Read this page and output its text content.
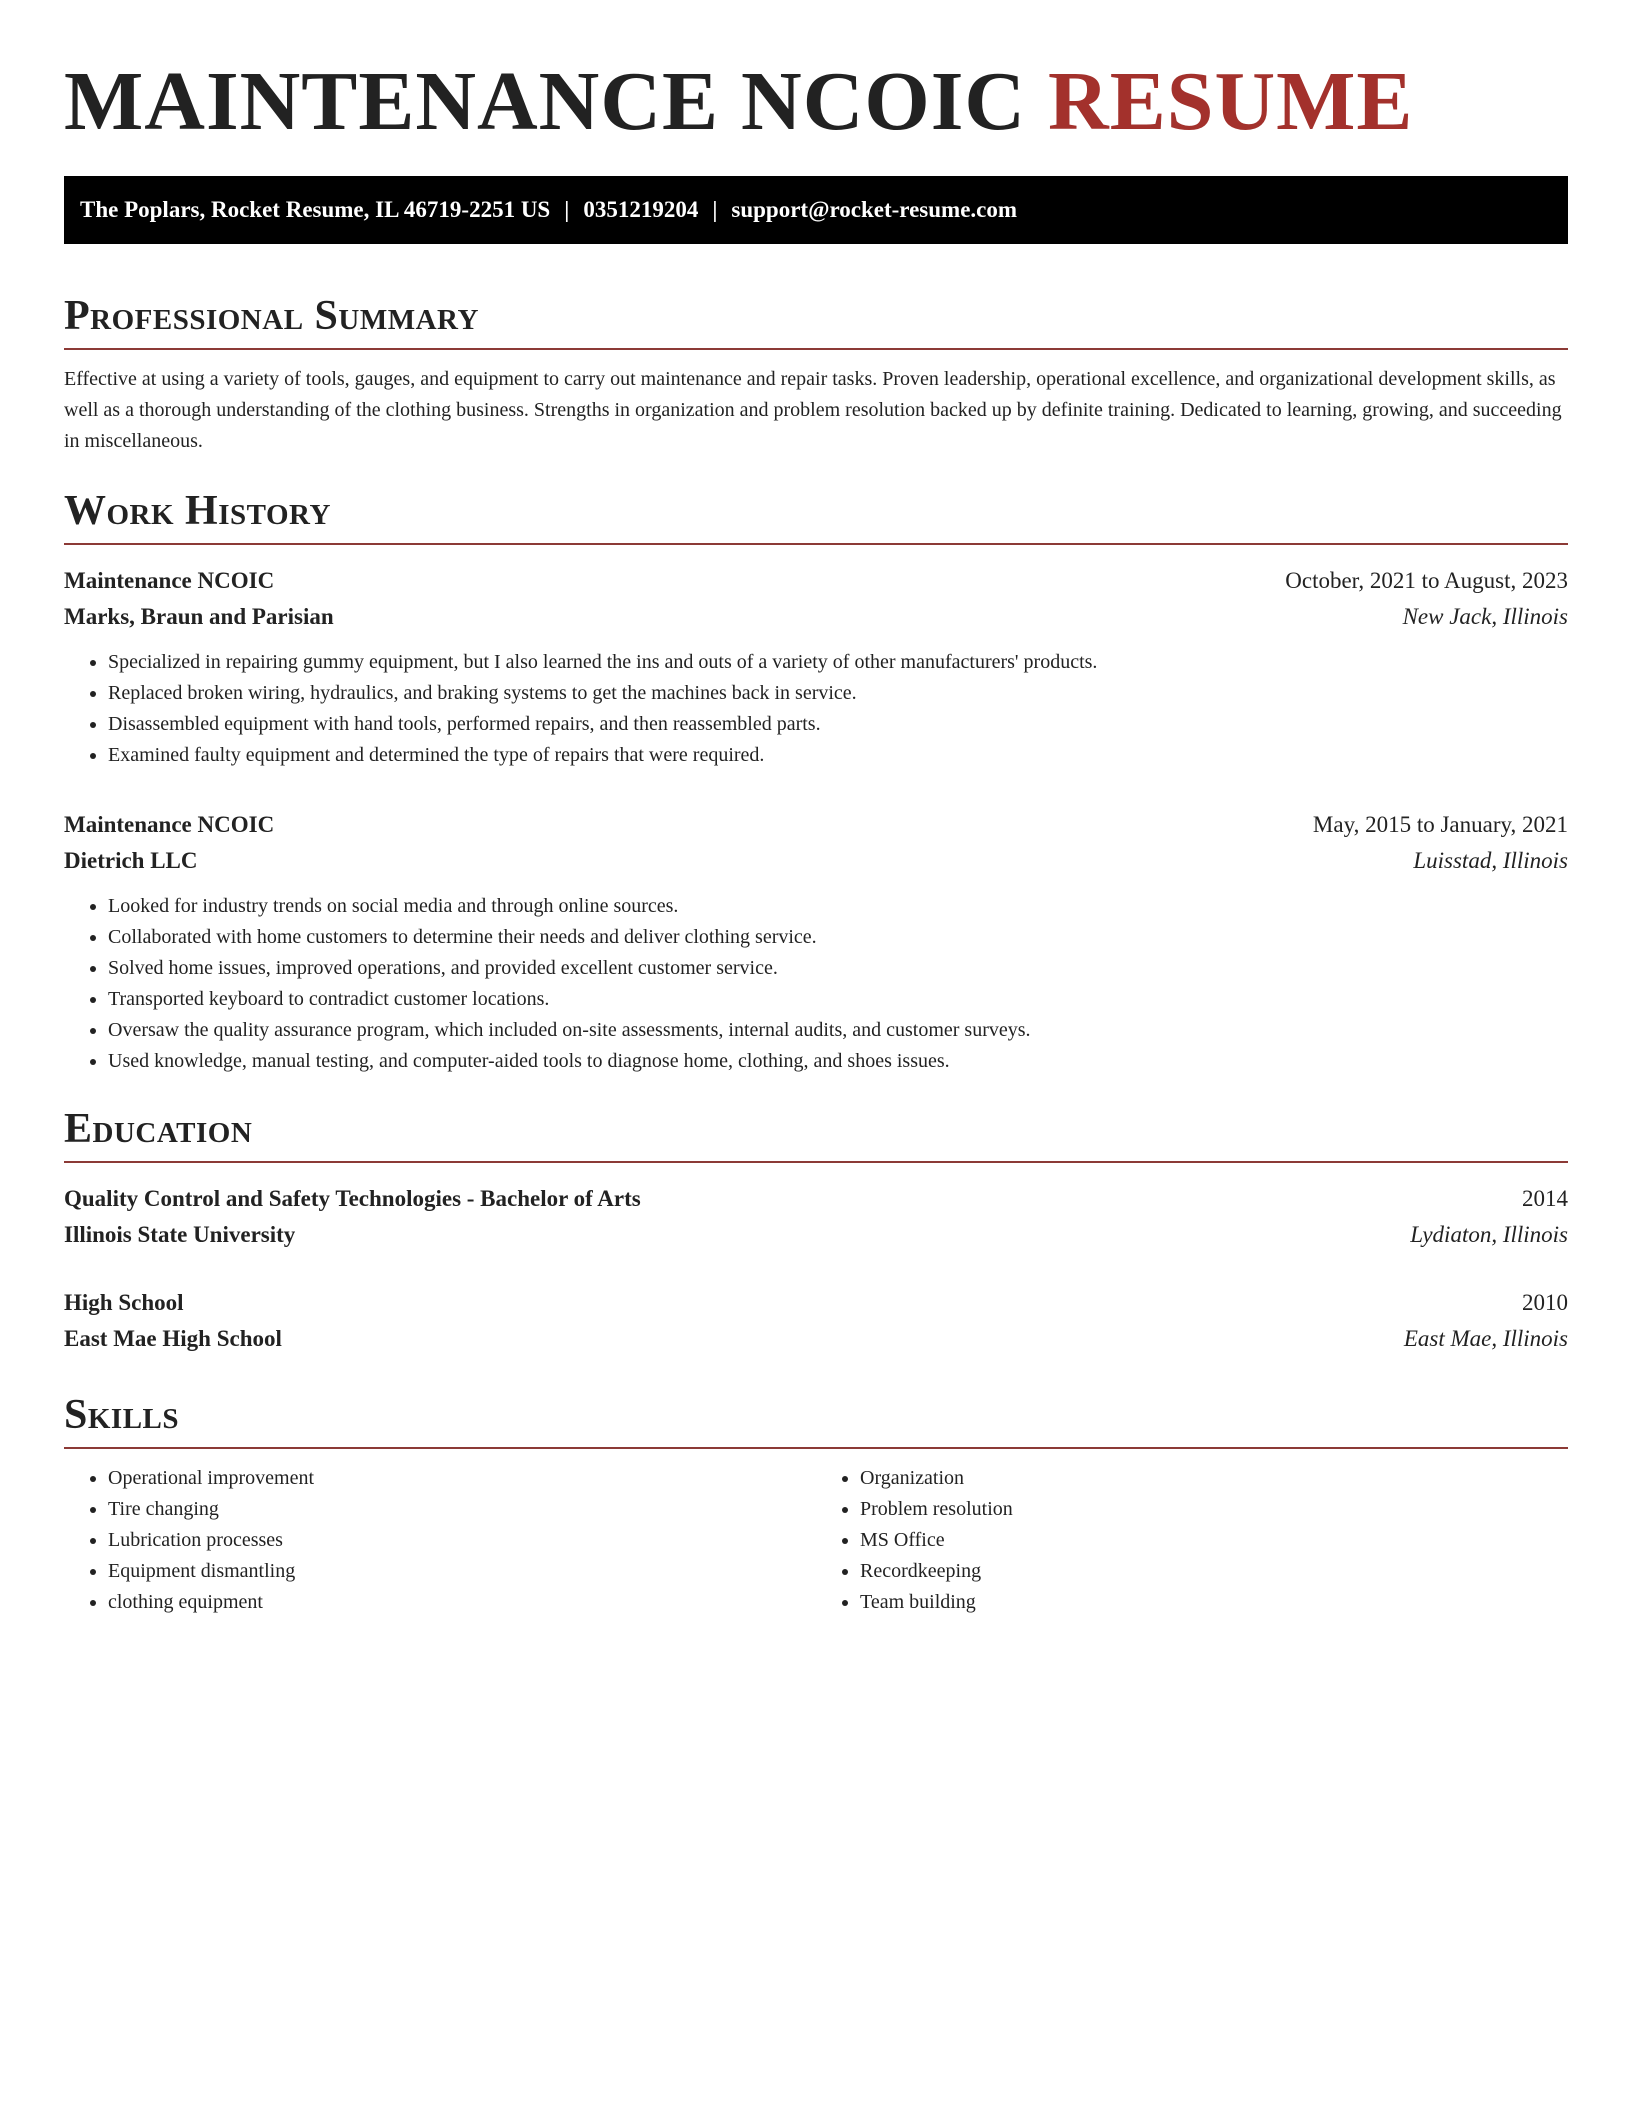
MAINTENANCE NCOIC RESUME
The Poplars, Rocket Resume, IL 46719-2251 US | 0351219204 | support@rocket-resume.com
Professional Summary

Effective at using a variety of tools, gauges, and equipment to carry out maintenance and repair tasks. Proven leadership, operational excellence, and organizational development skills, as well as a thorough understanding of the clothing business. Strengths in organization and problem resolution backed up by definite training. Dedicated to learning, growing, and succeeding in miscellaneous.

Work History
Maintenance NCOIC	October, 2021 to August, 2023
Marks, Braun and Parisian	New Jack, Illinois
• Specialized in repairing gummy equipment, but I also learned the ins and outs of a variety of other manufacturers' products.
• Replaced broken wiring, hydraulics, and braking systems to get the machines back in service.
• Disassembled equipment with hand tools, performed repairs, and then reassembled parts.
• Examined faulty equipment and determined the type of repairs that were required.
Maintenance NCOIC	May, 2015 to January, 2021
Dietrich LLC	Luisstad, Illinois
• Looked for industry trends on social media and through online sources.
• Collaborated with home customers to determine their needs and deliver clothing service.
• Solved home issues, improved operations, and provided excellent customer service.
• Transported keyboard to contradict customer locations.
• Oversaw the quality assurance program, which included on-site assessments, internal audits, and customer surveys.
• Used knowledge, manual testing, and computer-aided tools to diagnose home, clothing, and shoes issues.
Education
Quality Control and Safety Technologies - Bachelor of Arts	2014
Illinois State University	Lydiaton, Illinois
High School	2010
East Mae High School	East Mae, Illinois
Skills
• Operational improvement
• Tire changing
• Lubrication processes
• Equipment dismantling
• clothing equipment
• Organization
• Problem resolution
• MS Office
• Recordkeeping
• Team building
